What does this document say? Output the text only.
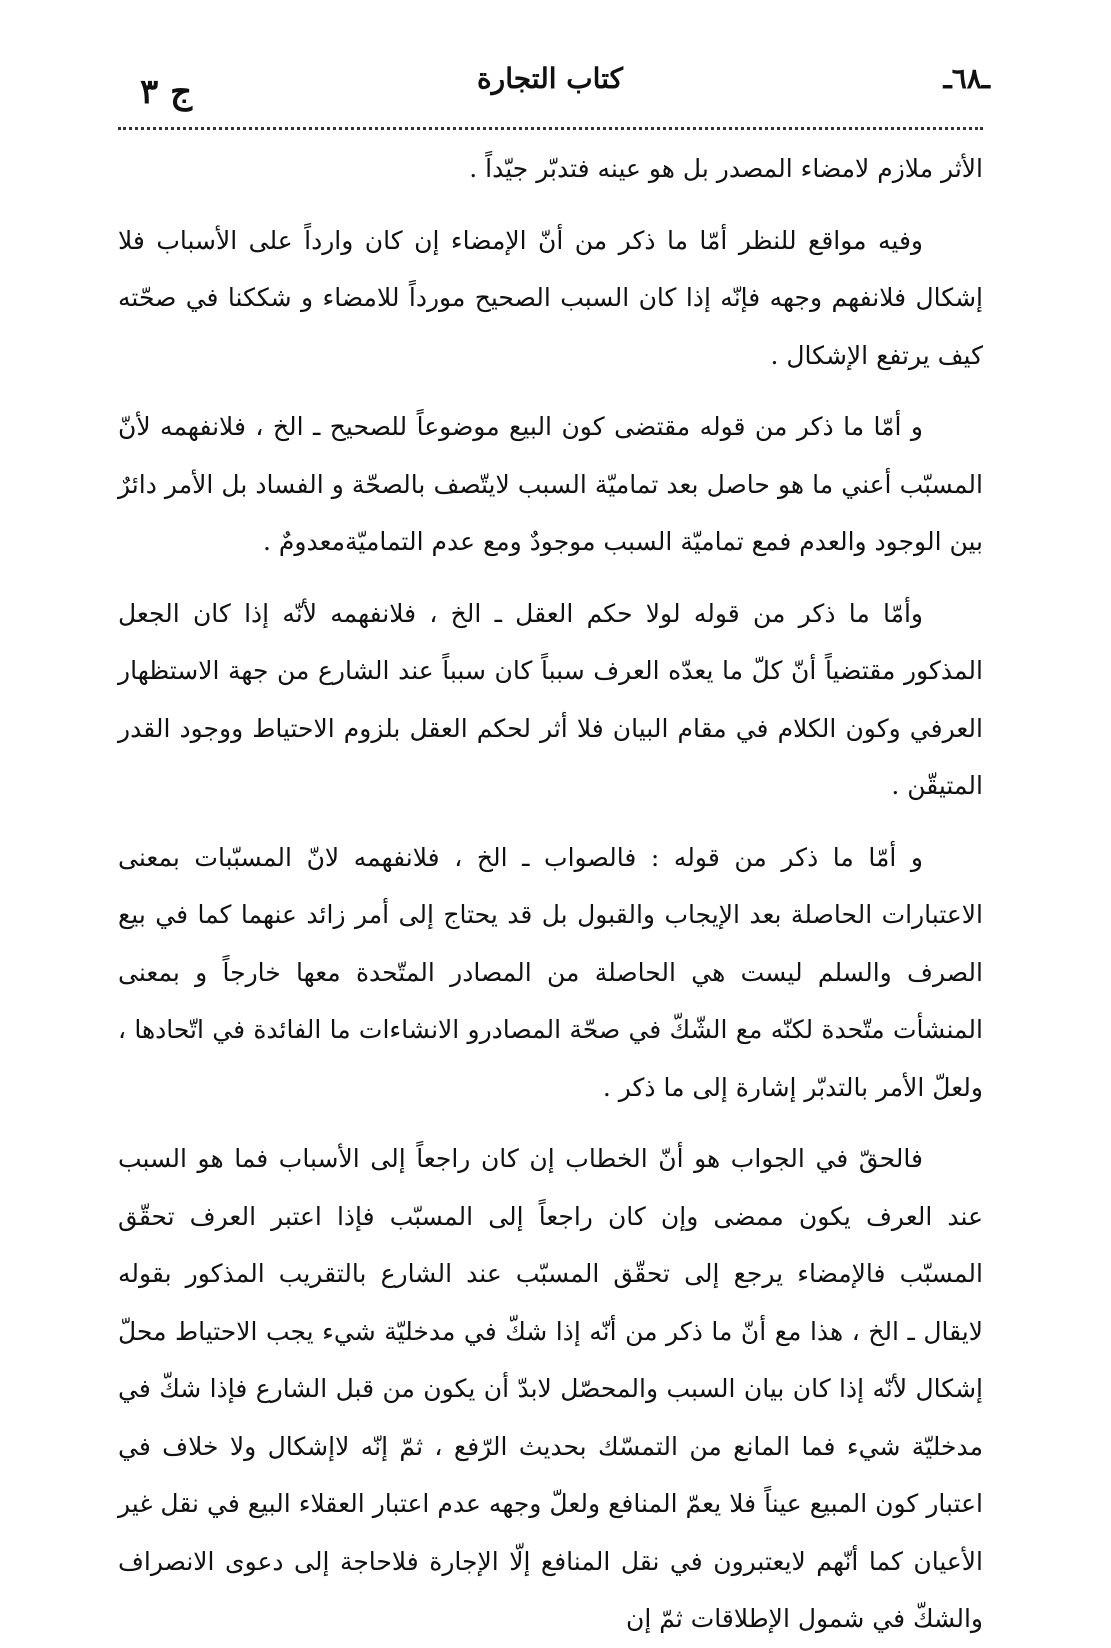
ـ٦٨ـ
كتاب التجارة
ج ٣

الأثر ملازم لامضاء المصدر بل هو عينه فتدبّر جيّداً .

وفيه مواقع للنظر أمّا ما ذكر من أنّ الإمضاء إن كان وارداً على الأسباب فلا إشكال فلانفهم وجهه فإنّه إذا كان السبب الصحيح مورداً للامضاء و شككنا في صحّته كيف يرتفع الإشكال .

و أمّا ما ذكر من قوله مقتضى كون البيع موضوعاً للصحيح ـ الخ ، فلانفهمه لأنّ المسبّب أعني ما هو حاصل بعد تماميّة السبب لايتّصف بالصحّة و الفساد بل الأمر دائرٌ بين الوجود والعدم فمع تماميّة السبب موجودٌ ومع عدم التماميّةمعدومٌ .

وأمّا ما ذكر من قوله لولا حكم العقل ـ الخ ، فلانفهمه لأنّه إذا كان الجعل المذكور مقتضياً أنّ كلّ ما يعدّه العرف سبباً كان سبباً عند الشارع من جهة الاستظهار العرفي وكون الكلام في مقام البيان فلا أثر لحكم العقل بلزوم الاحتياط ووجود القدر المتيقّن .

و أمّا ما ذكر من قوله : فالصواب ـ الخ ، فلانفهمه لانّ المسبّبات بمعنى الاعتبارات الحاصلة بعد الإيجاب والقبول بل قد يحتاج إلى أمر زائد عنهما كما في بيع الصرف والسلم ليست هي الحاصلة من المصادر المتّحدة معها خارجاً و بمعنى المنشأت متّحدة لكنّه مع الشّكّ في صحّة المصادرو الانشاءات ما الفائدة في اتّحادها ، ولعلّ الأمر بالتدبّر إشارة إلى ما ذكر .

فالحقّ في الجواب هو أنّ الخطاب إن كان راجعاً إلى الأسباب فما هو السبب عند العرف يكون ممضى وإن كان راجعاً إلى المسبّب فإذا اعتبر العرف تحقّق المسبّب فالإمضاء يرجع إلى تحقّق المسبّب عند الشارع بالتقريب المذكور بقوله لايقال ـ الخ ، هذا مع أنّ ما ذكر من أنّه إذا شكّ في مدخليّة شيء يجب الاحتياط محلّ إشكال لأنّه إذا كان بيان السبب والمحصّل لابدّ أن يكون من قبل الشارع فإذا شكّ في مدخليّة شيء فما المانع من التمسّك بحديث الرّفع ، ثمّ إنّه لاإشكال ولا خلاف في اعتبار كون المبيع عيناً فلا يعمّ المنافع ولعلّ وجهه عدم اعتبار العقلاء البيع في نقل غير الأعيان كما أنّهم لايعتبرون في نقل المنافع إلّا الإجارة فلاحاجة إلى دعوى الانصراف والشكّ في شمول الإطلاقات ثمّ إن
